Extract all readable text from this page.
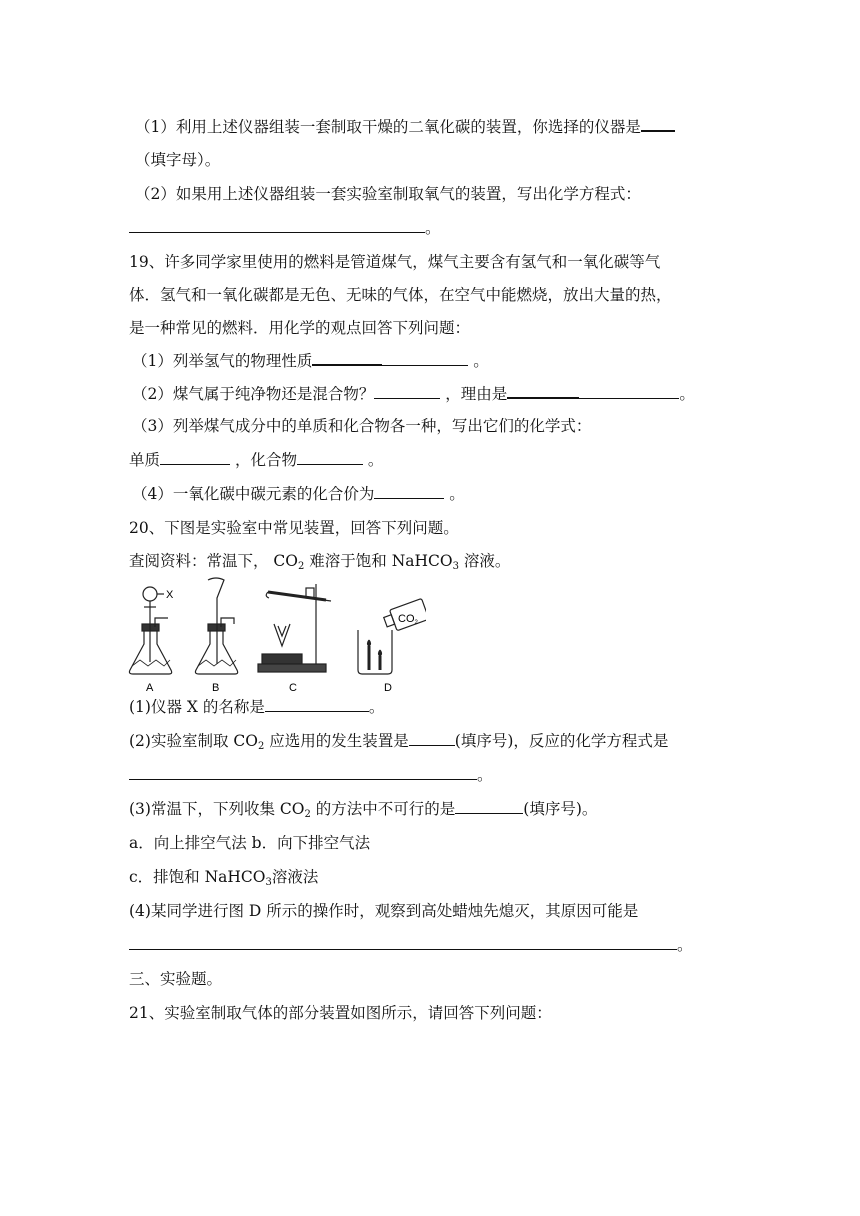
（1）利用上述仪器组装一套制取干燥的二氧化碳的装置，你选择的仪器是
（填字母）。
（2）如果用上述仪器组装一套实验室制取氧气的装置，写出化学方程式：
。
19、许多同学家里使用的燃料是管道煤气，煤气主要含有氢气和一氧化碳等气
体．氢气和一氧化碳都是无色、无味的气体，在空气中能燃烧，放出大量的热，
是一种常见的燃料．用化学的观点回答下列问题：
（1）列举氢气的物理性质	。
（2）煤气属于纯净物还是混合物？	，理由是	。
（3）列举煤气成分中的单质和化合物各一种，写出它们的化学式：
单质	，化合物	。
（4）一氧化碳中碳元素的化合价为	。
20、下图是实验室中常见装置，回答下列问题。
查阅资料：常温下， $CO_2$ 难溶于饱和 NaHCO$_3$ 溶液。
X
CO2
A	B	C	D
(1)仪器 X 的名称是	。
(2)实验室制取 $CO_2$ 应选用的发生装置是	(填序号)，反应的化学方程式是
。
(3)常温下，下列收集 $CO_2$ 的方法中不可行的是	(填序号)。
a．向上排空气法 b．向下排空气法
c．排饱和 NaHCO$_3$溶液法
(4)某同学进行图 D 所示的操作时，观察到高处蜡烛先熄灭，其原因可能是
。
三、实验题。
21、实验室制取气体的部分装置如图所示，请回答下列问题：
